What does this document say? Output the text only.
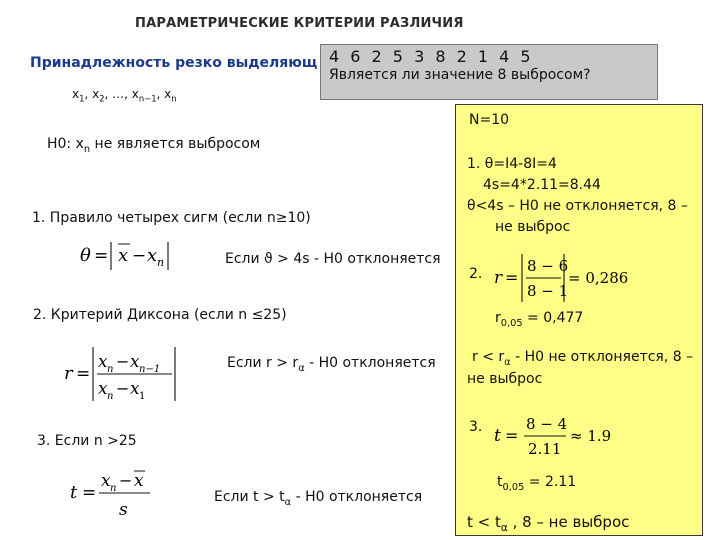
ПАРАМЕТРИЧЕСКИЕ КРИТЕРИИ РАЗЛИЧИЯ
Принадлежность резко выделяющ
$x_1$, $x_2$, …, $x_{n-1}$, $x_n$
4 6 2 5 3 8 2 1 4 5
Является ли значение 8 выбросом?
H0: $x_n$ не является выбросом
1. Правило четырех сигм (если n≥10)
θ = x − x n	Если ϑ > 4s - H0 отклоняется
2. Критерий Диксона (если n ≤25)
r =
x n − x n−1
x n − x 1
Если $r > r_\alpha - H0$ отклоняется
3. Если n >25
t =
x n − x
s
Если $t > t_\alpha - H0$ отклоняется
N=10
1. θ=I4-8I=4
4s=4*2.11=8.44
θ<4s – H0 не отклоняется, 8 –
не выброс
2. r =
8 − 6
8 − 1
= 0,286
$r_{0,05} = 0,477$
$r < r_\alpha - H0$ не отклоняется, 8 –
не выброс
3. t =
8 − 4
2.11
≈ 1.9
$t_{0,05} = 2.11$
$t < t_\alpha$ , 8 – не выброс
